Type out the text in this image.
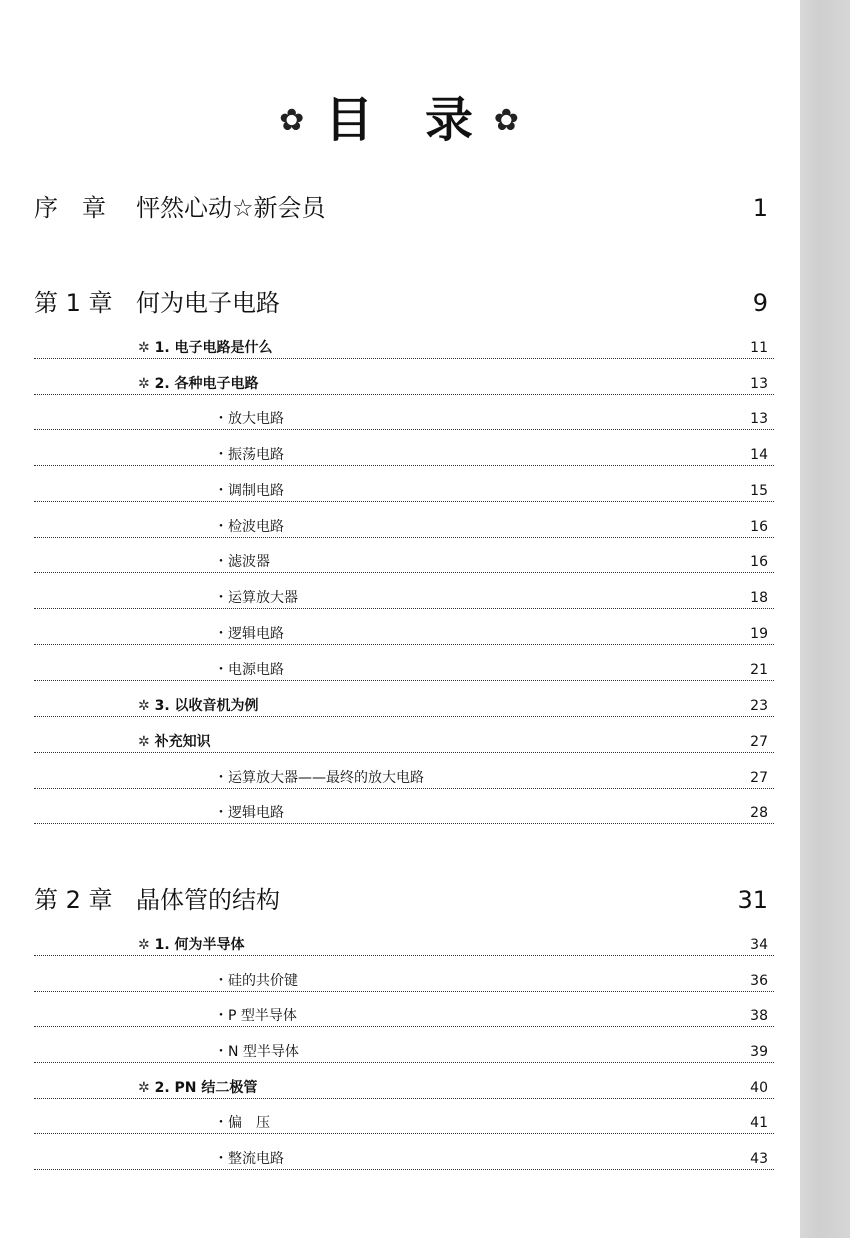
✿ 目　录 ✿
序　章 怦然心动☆新会员	1
第 1 章 何为电子电路	9
✲ 1. 电子电路是什么	11
✲ 2. 各种电子电路	13
・放大电路	13
・振荡电路	14
・调制电路	15
・检波电路	16
・滤波器	16
・运算放大器	18
・逻辑电路	19
・电源电路	21
✲ 3. 以收音机为例	23
✲ 补充知识	27
・运算放大器——最终的放大电路	27
・逻辑电路	28
第 2 章 晶体管的结构	31
✲ 1. 何为半导体	34
・硅的共价键	36
・P 型半导体	38
・N 型半导体	39
✲ 2. PN 结二极管	40
・偏　压	41
・整流电路	43
